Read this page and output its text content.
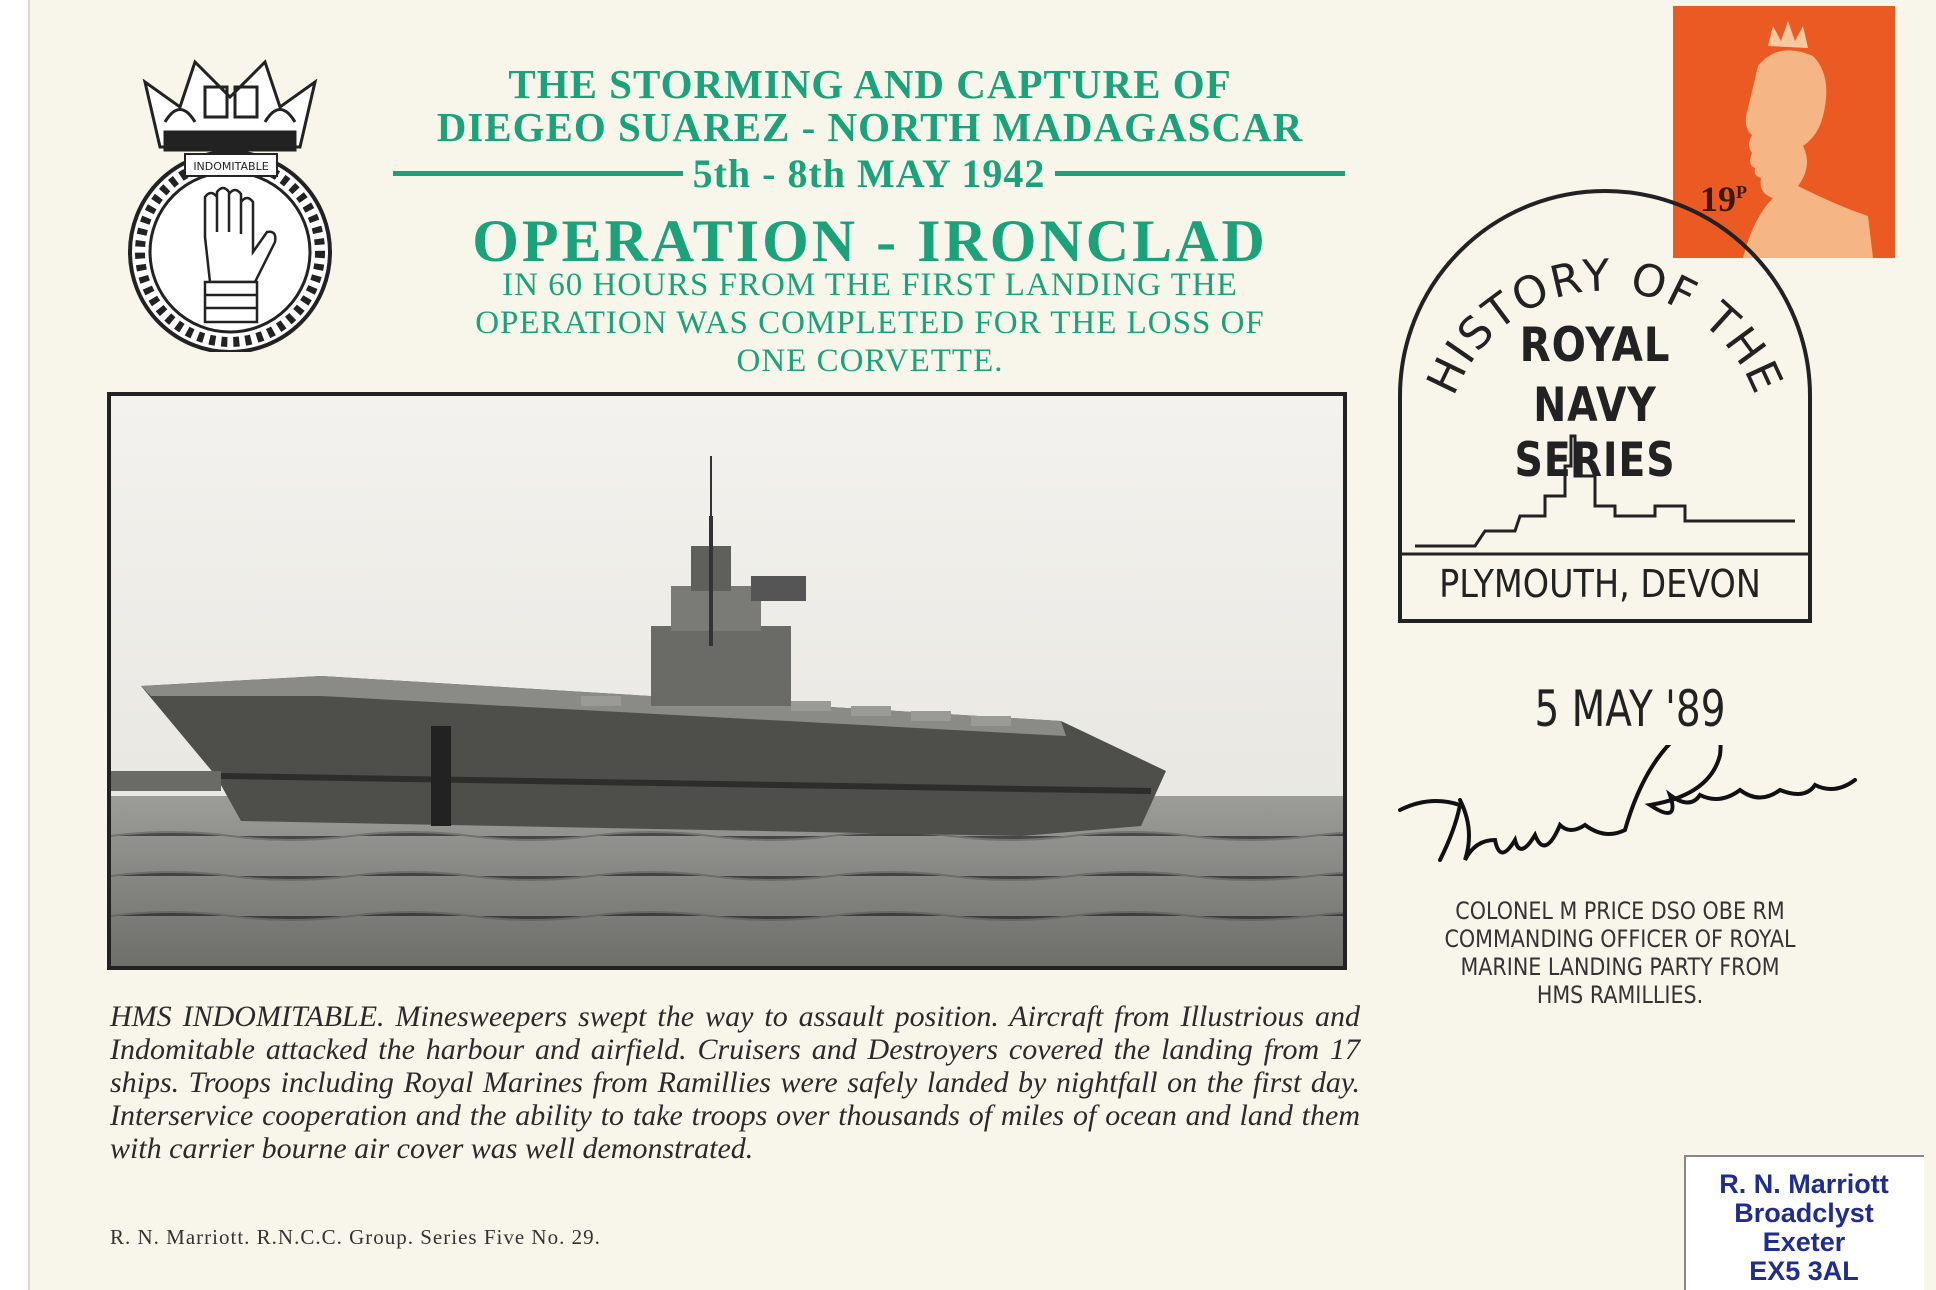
INDOMITABLE
THE STORMING AND CAPTURE OF
DIEGEO SUAREZ - NORTH MADAGASCAR
5th - 8th MAY 1942
OPERATION - IRONCLAD
IN 60 HOURS FROM THE FIRST LANDING THE
OPERATION WAS COMPLETED FOR THE LOSS OF
ONE CORVETTE.
HMS INDOMITABLE. Minesweepers swept the way to assault position. Aircraft from Illustrious and Indomitable attacked the harbour and airfield. Cruisers and Destroyers covered the landing from 17 ships. Troops including Royal Marines from Ramillies were safely landed by nightfall on the first day. Interservice cooperation and the ability to take troops over thousands of miles of ocean and land them with carrier bourne air cover was well demonstrated.
R. N. Marriott. R.N.C.C. Group. Series Five No. 29.
$19^P$
HISTORY OF THE
ROYAL
NAVY SERIES
PLYMOUTH, DEVON
5 MAY '89
COLONEL M PRICE DSO OBE RM
COMMANDING OFFICER OF ROYAL
MARINE LANDING PARTY FROM
HMS RAMILLIES.
R. N. Marriott
Broadclyst
Exeter
EX5 3AL
